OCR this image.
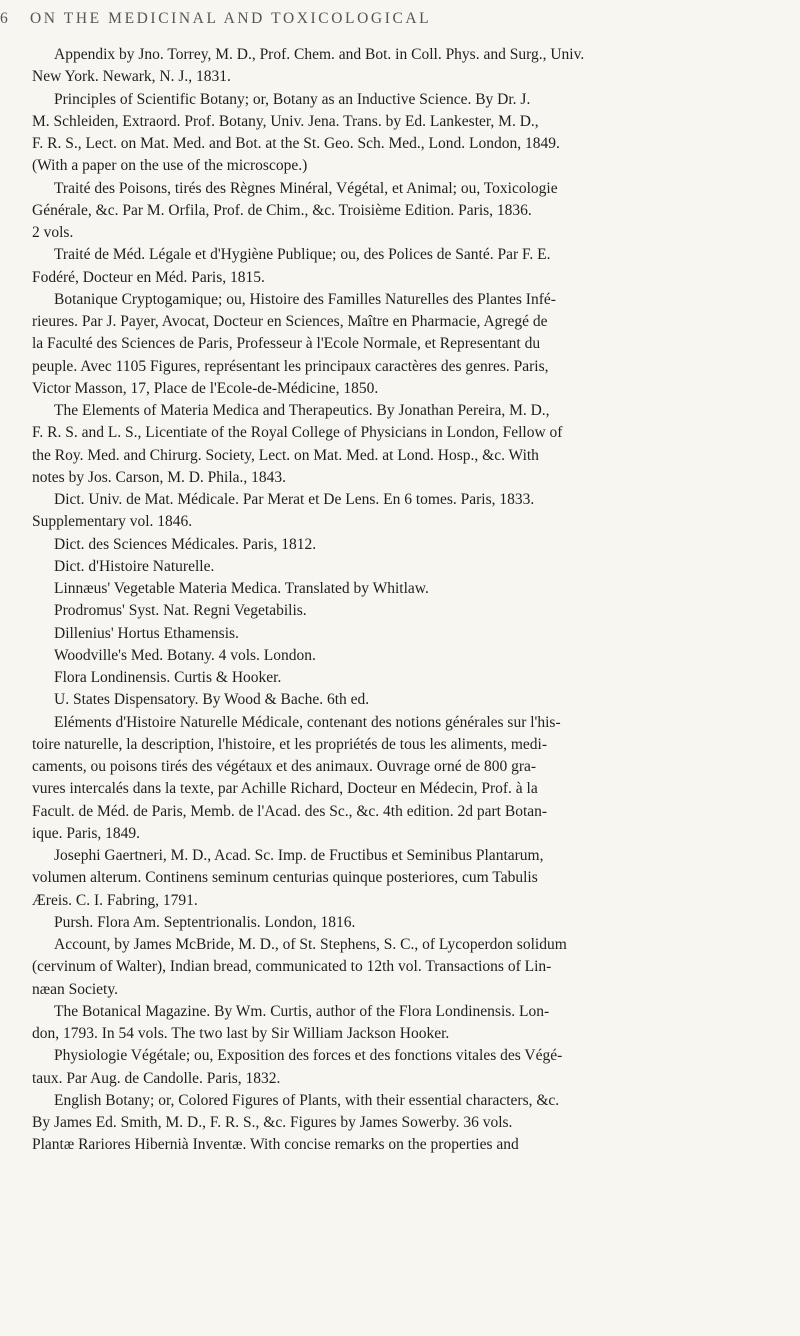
6 ON THE MEDICINAL AND TOXICOLOGICAL
Appendix by Jno. Torrey, M. D., Prof. Chem. and Bot. in Coll. Phys. and Surg., Univ.
New York. Newark, N. J., 1831.
Principles of Scientific Botany; or, Botany as an Inductive Science. By Dr. J.
M. Schleiden, Extraord. Prof. Botany, Univ. Jena. Trans. by Ed. Lankester, M. D.,
F. R. S., Lect. on Mat. Med. and Bot. at the St. Geo. Sch. Med., Lond. London, 1849.
(With a paper on the use of the microscope.)
Traité des Poisons, tirés des Règnes Minéral, Végétal, et Animal; ou, Toxicologie
Générale, &c. Par M. Orfila, Prof. de Chim., &c. Troisième Edition. Paris, 1836.
2 vols.
Traité de Méd. Légale et d'Hygiène Publique; ou, des Polices de Santé. Par F. E.
Fodéré, Docteur en Méd. Paris, 1815.
Botanique Cryptogamique; ou, Histoire des Familles Naturelles des Plantes Infé-
rieures. Par J. Payer, Avocat, Docteur en Sciences, Maître en Pharmacie, Agregé de
la Faculté des Sciences de Paris, Professeur à l'Ecole Normale, et Representant du
peuple. Avec 1105 Figures, représentant les principaux caractères des genres. Paris,
Victor Masson, 17, Place de l'Ecole-de-Médicine, 1850.
The Elements of Materia Medica and Therapeutics. By Jonathan Pereira, M. D.,
F. R. S. and L. S., Licentiate of the Royal College of Physicians in London, Fellow of
the Roy. Med. and Chirurg. Society, Lect. on Mat. Med. at Lond. Hosp., &c. With
notes by Jos. Carson, M. D. Phila., 1843.
Dict. Univ. de Mat. Médicale. Par Merat et De Lens. En 6 tomes. Paris, 1833.
Supplementary vol. 1846.
Dict. des Sciences Médicales. Paris, 1812.
Dict. d'Histoire Naturelle.
Linnæus' Vegetable Materia Medica. Translated by Whitlaw.
Prodromus' Syst. Nat. Regni Vegetabilis.
Dillenius' Hortus Ethamensis.
Woodville's Med. Botany. 4 vols. London.
Flora Londinensis. Curtis & Hooker.
U. States Dispensatory. By Wood & Bache. 6th ed.
Eléments d'Histoire Naturelle Médicale, contenant des notions générales sur l'his-
toire naturelle, la description, l'histoire, et les propriétés de tous les aliments, medi-
caments, ou poisons tirés des végétaux et des animaux. Ouvrage orné de 800 gra-
vures intercalés dans la texte, par Achille Richard, Docteur en Médecin, Prof. à la
Facult. de Méd. de Paris, Memb. de l'Acad. des Sc., &c. 4th edition. 2d part Botan-
ique. Paris, 1849.
Josephi Gaertneri, M. D., Acad. Sc. Imp. de Fructibus et Seminibus Plantarum,
volumen alterum. Continens seminum centurias quinque posteriores, cum Tabulis
Æreis. C. I. Fabring, 1791.
Pursh. Flora Am. Septentrionalis. London, 1816.
Account, by James McBride, M. D., of St. Stephens, S. C., of Lycoperdon solidum
(cervinum of Walter), Indian bread, communicated to 12th vol. Transactions of Lin-
næan Society.
The Botanical Magazine. By Wm. Curtis, author of the Flora Londinensis. Lon-
don, 1793. In 54 vols. The two last by Sir William Jackson Hooker.
Physiologie Végétale; ou, Exposition des forces et des fonctions vitales des Végé-
taux. Par Aug. de Candolle. Paris, 1832.
English Botany; or, Colored Figures of Plants, with their essential characters, &c.
By James Ed. Smith, M. D., F. R. S., &c. Figures by James Sowerby. 36 vols.
Plantæ Rariores Hibernià Inventæ. With concise remarks on the properties and
